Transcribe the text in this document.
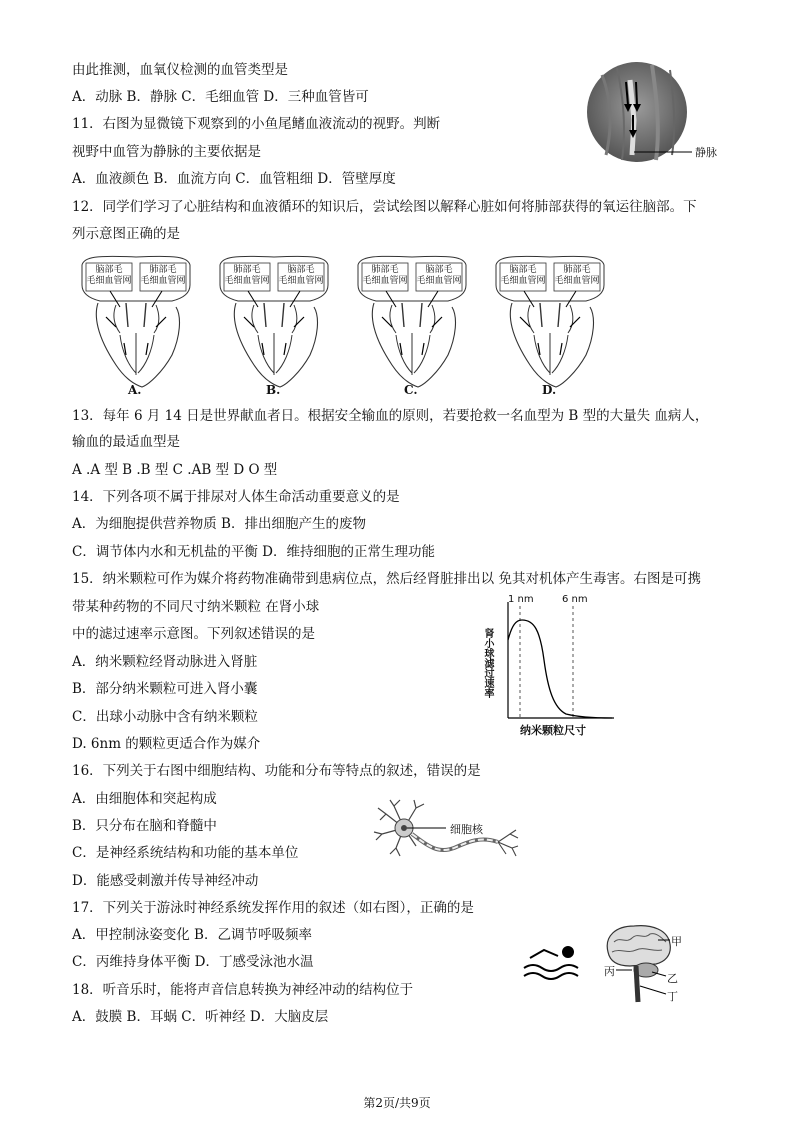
由此推测，血氧仪检测的血管类型是
A．动脉 B．静脉 C．毛细血管 D．三种血管皆可
11．右图为显微镜下观察到的小鱼尾鳍血液流动的视野。判断
视野中血管为静脉的主要依据是
A．血液颜色 B．血流方向 C．血管粗细 D．管壁厚度
12．同学们学习了心脏结构和血液循环的知识后，尝试绘图以解释心脏如何将肺部获得的氧运往脑部。下
列示意图正确的是
13．每年 6 月 14 日是世界献血者日。根据安全输血的原则，若要抢救一名血型为 B 型的大量失 血病人，
输血的最适血型是
A .A 型 B .B 型 C .AB 型 D O 型
14．下列各项不属于排尿对人体生命活动重要意义的是
A．为细胞提供营养物质 B．排出细胞产生的废物
C．调节体内水和无机盐的平衡 D．维持细胞的正常生理功能
15．纳米颗粒可作为媒介将药物准确带到患病位点，然后经肾脏排出以 免其对机体产生毒害。右图是可携
带某种药物的不同尺寸纳米颗粒 在肾小球
中的滤过速率示意图。下列叙述错误的是
A．纳米颗粒经肾动脉进入肾脏
B．部分纳米颗粒可进入肾小囊
C．出球小动脉中含有纳米颗粒
D. 6nm 的颗粒更适合作为媒介
16．下列关于右图中细胞结构、功能和分布等特点的叙述，错误的是
A．由细胞体和突起构成
B．只分布在脑和脊髓中
C．是神经系统结构和功能的基本单位
D．能感受刺激并传导神经冲动
17．下列关于游泳时神经系统发挥作用的叙述（如右图），正确的是
A．甲控制泳姿变化 B．乙调节呼吸频率
C．丙维持身体平衡 D．丁感受泳池水温
18．听音乐时，能将声音信息转换为神经冲动的结构位于
A．鼓膜 B．耳蜗 C．听神经 D．大脑皮层
静脉
脑部毛
毛细血管网
肺部毛
毛细血管网
肺部毛
毛细血管网
脑部毛
毛细血管网
肺部毛
毛细血管网
脑部毛
毛细血管网
脑部毛
毛细血管网
肺部毛
毛细血管网
A.	B.	C.	D.
1 nm	6 nm
肾小球滤过速率
纳米颗粒尺寸
细胞核
甲
丙
乙
丁
第2页/共9页
